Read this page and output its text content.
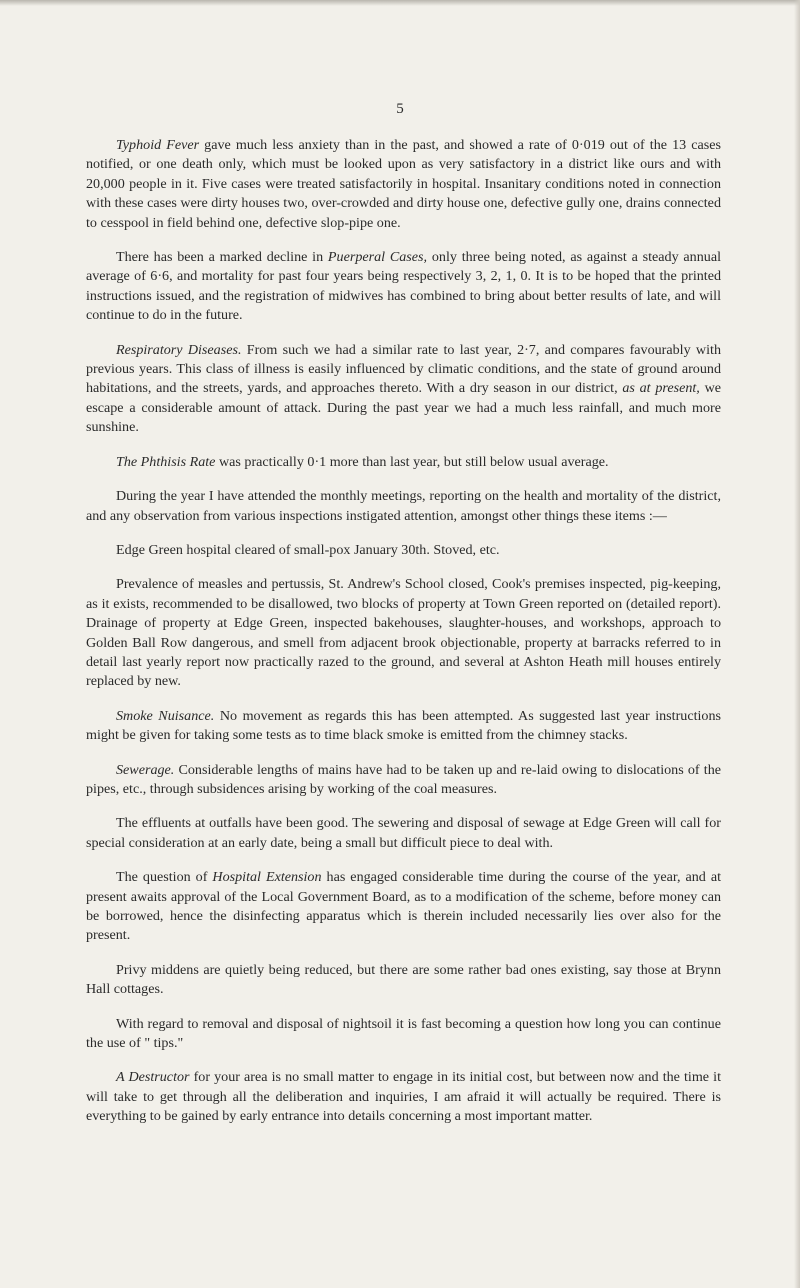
5

Typhoid Fever gave much less anxiety than in the past, and showed a rate of 0·019 out of the 13 cases notified, or one death only, which must be looked upon as very satisfactory in a district like ours and with 20,000 people in it. Five cases were treated satisfactorily in hospital. Insanitary conditions noted in connection with these cases were dirty houses two, over-crowded and dirty house one, defective gully one, drains connected to cesspool in field behind one, defective slop-pipe one.

There has been a marked decline in Puerperal Cases, only three being noted, as against a steady annual average of 6·6, and mortality for past four years being respectively 3, 2, 1, 0. It is to be hoped that the printed instructions issued, and the registration of midwives has combined to bring about better results of late, and will continue to do in the future.

Respiratory Diseases. From such we had a similar rate to last year, 2·7, and compares favourably with previous years. This class of illness is easily influenced by climatic conditions, and the state of ground around habitations, and the streets, yards, and approaches thereto. With a dry season in our district, as at present, we escape a considerable amount of attack. During the past year we had a much less rainfall, and much more sunshine.

The Phthisis Rate was practically 0·1 more than last year, but still below usual average.

During the year I have attended the monthly meetings, reporting on the health and mortality of the district, and any observation from various inspections instigated attention, amongst other things these items :—

Edge Green hospital cleared of small-pox January 30th. Stoved, etc.

Prevalence of measles and pertussis, St. Andrew's School closed, Cook's premises inspected, pig-keeping, as it exists, recommended to be disallowed, two blocks of property at Town Green reported on (detailed report). Drainage of property at Edge Green, inspected bakehouses, slaughter-houses, and workshops, approach to Golden Ball Row dangerous, and smell from adjacent brook objectionable, property at barracks referred to in detail last yearly report now practically razed to the ground, and several at Ashton Heath mill houses entirely replaced by new.

Smoke Nuisance. No movement as regards this has been attempted. As suggested last year instructions might be given for taking some tests as to time black smoke is emitted from the chimney stacks.

Sewerage. Considerable lengths of mains have had to be taken up and re-laid owing to dislocations of the pipes, etc., through subsidences arising by working of the coal measures.

The effluents at outfalls have been good. The sewering and disposal of sewage at Edge Green will call for special consideration at an early date, being a small but difficult piece to deal with.

The question of Hospital Extension has engaged considerable time during the course of the year, and at present awaits approval of the Local Government Board, as to a modification of the scheme, before money can be borrowed, hence the disinfecting apparatus which is therein included necessarily lies over also for the present.

Privy middens are quietly being reduced, but there are some rather bad ones existing, say those at Brynn Hall cottages.

With regard to removal and disposal of nightsoil it is fast becoming a question how long you can continue the use of " tips."

A Destructor for your area is no small matter to engage in its initial cost, but between now and the time it will take to get through all the deliberation and inquiries, I am afraid it will actually be required. There is everything to be gained by early entrance into details concerning a most important matter.
